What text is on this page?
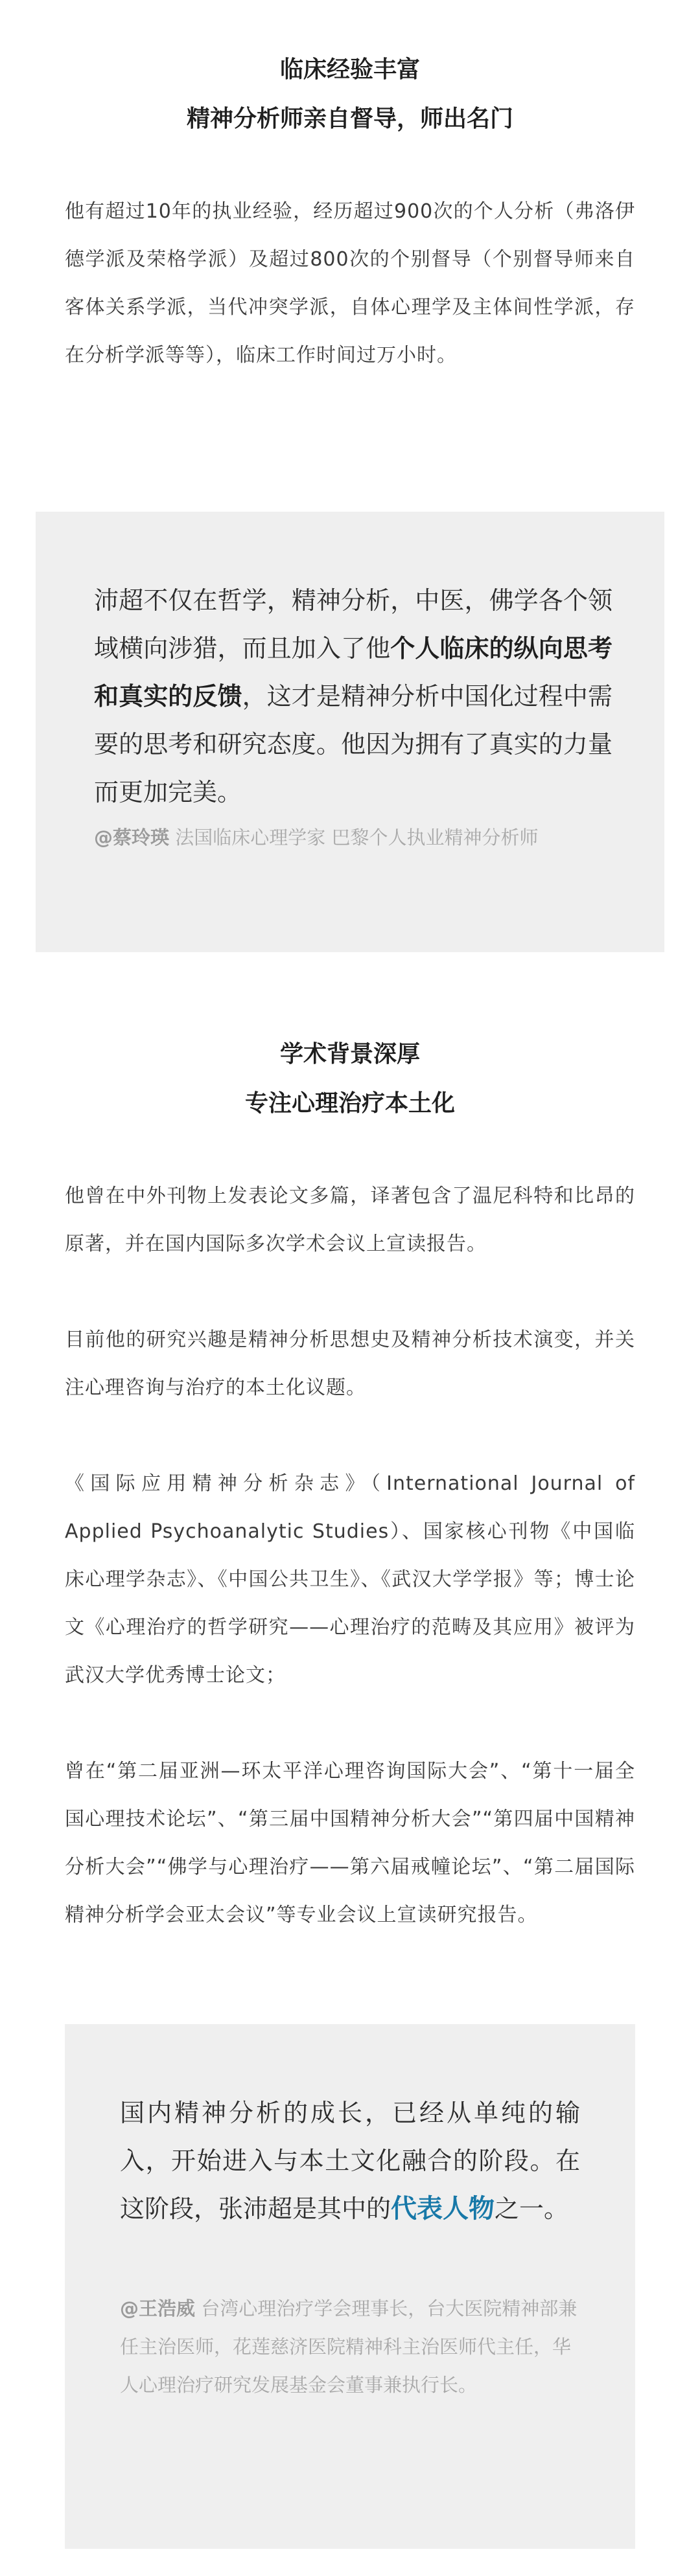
临床经验丰富

精神分析师亲自督导，师出名门

他有超过10年的执业经验，经历超过900次的个人分析（弗洛伊德学派及荣格学派）及超过800次的个别督导（个别督导师来自客体关系学派，当代冲突学派，自体心理学及主体间性学派，存在分析学派等等），临床工作时间过万小时。

沛超不仅在哲学，精神分析，中医，佛学各个领域横向涉猎，而且加入了他个人临床的纵向思考和真实的反馈，这才是精神分析中国化过程中需要的思考和研究态度。他因为拥有了真实的力量而更加完美。

@蔡玲瑛 法国临床心理学家 巴黎个人执业精神分析师

学术背景深厚

专注心理治疗本土化

他曾在中外刊物上发表论文多篇，译著包含了温尼科特和比昂的原著，并在国内国际多次学术会议上宣读报告。

目前他的研究兴趣是精神分析思想史及精神分析技术演变，并关注心理咨询与治疗的本土化议题。

《国际应用精神分析杂志》（International Journal of Applied Psychoanalytic Studies）、国家核心刊物《中国临床心理学杂志》、《中国公共卫生》、《武汉大学学报》等；博士论文《心理治疗的哲学研究——心理治疗的范畴及其应用》被评为武汉大学优秀博士论文；

曾在“第二届亚洲—环太平洋心理咨询国际大会”、“第十一届全国心理技术论坛”、“第三届中国精神分析大会”“第四届中国精神分析大会”“佛学与心理治疗——第六届戒幢论坛”、“第二届国际精神分析学会亚太会议”等专业会议上宣读研究报告。

国内精神分析的成长，已经从单纯的输入，开始进入与本土文化融合的阶段。在这阶段，张沛超是其中的代表人物之一。

@王浩威 台湾心理治疗学会理事长，台大医院精神部兼任主治医师，花莲慈济医院精神科主治医师代主任，华人心理治疗研究发展基金会董事兼执行长。
